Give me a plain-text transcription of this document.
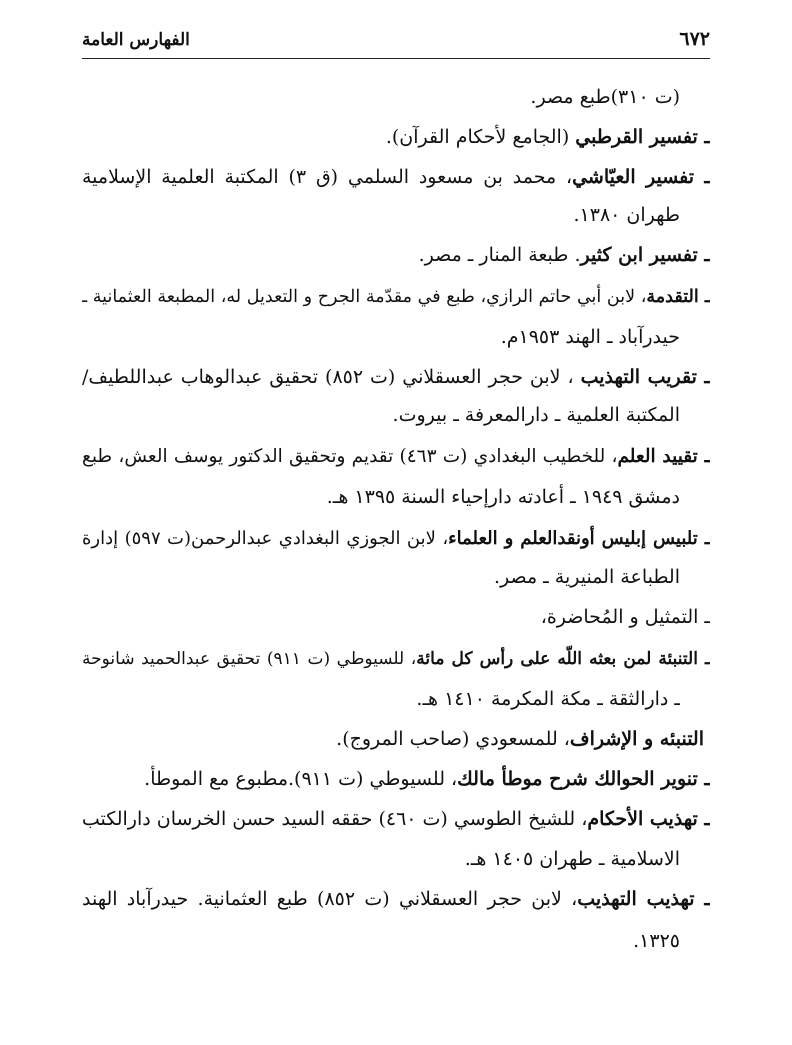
٦٧٢
الفهارس العامة
(ت ٣١٠)طبع مصر.
ـ تفسير القرطبي (الجامع لأحكام القرآن).
ـ تفسير العيّاشي، محمد بن مسعود السلمي (ق ٣) المكتبة العلمية الإسلامية
طهران ١٣٨٠.
ـ تفسير ابن كثير. طبعة المنار ـ مصر.
ـ التقدمة، لابن أبي حاتم الرازي، طبع في مقدّمة الجرح و التعديل له، المطبعة العثمانية ـ
حيدرآباد ـ الهند ١٩٥٣م.
ـ تقريب التهذيب ، لابن حجر العسقلاني (ت ٨٥٢) تحقيق عبدالوهاب عبداللطيف/
المكتبة العلمية ـ دارالمعرفة ـ بيروت.
ـ تقييد العلم، للخطيب البغدادي (ت ٤٦٣) تقديم وتحقيق الدكتور يوسف العش، طبع
دمشق ١٩٤٩ ـ أعادته دارإحياء السنة ١٣٩٥ هـ.
ـ تلبيس إبليس أونقدالعلم و العلماء، لابن الجوزي البغدادي عبدالرحمن(ت ٥٩٧) إدارة
الطباعة المنيرية ـ مصر.
ـ التمثيل و المُحاضرة،
ـ التنبئة لمن بعثه اللّه على رأس كل مائة، للسيوطي (ت ٩١١) تحقيق عبدالحميد شانوحة
ـ دارالثقة ـ مكة المكرمة ١٤١٠ هـ.
التنبئه و الإشراف، للمسعودي (صاحب المروج).
ـ تنوير الحوالك شرح موطأ مالك، للسيوطي (ت ٩١١).مطبوع مع الموطأ.
ـ تهذيب الأحكام، للشيخ الطوسي (ت ٤٦٠) حققه السيد حسن الخرسان دارالكتب
الاسلامية ـ طهران ١٤٠٥ هـ.
ـ تهذيب التهذيب، لابن حجر العسقلاني (ت ٨٥٢) طبع العثمانية. حيدرآباد الهند
١٣٢٥.
